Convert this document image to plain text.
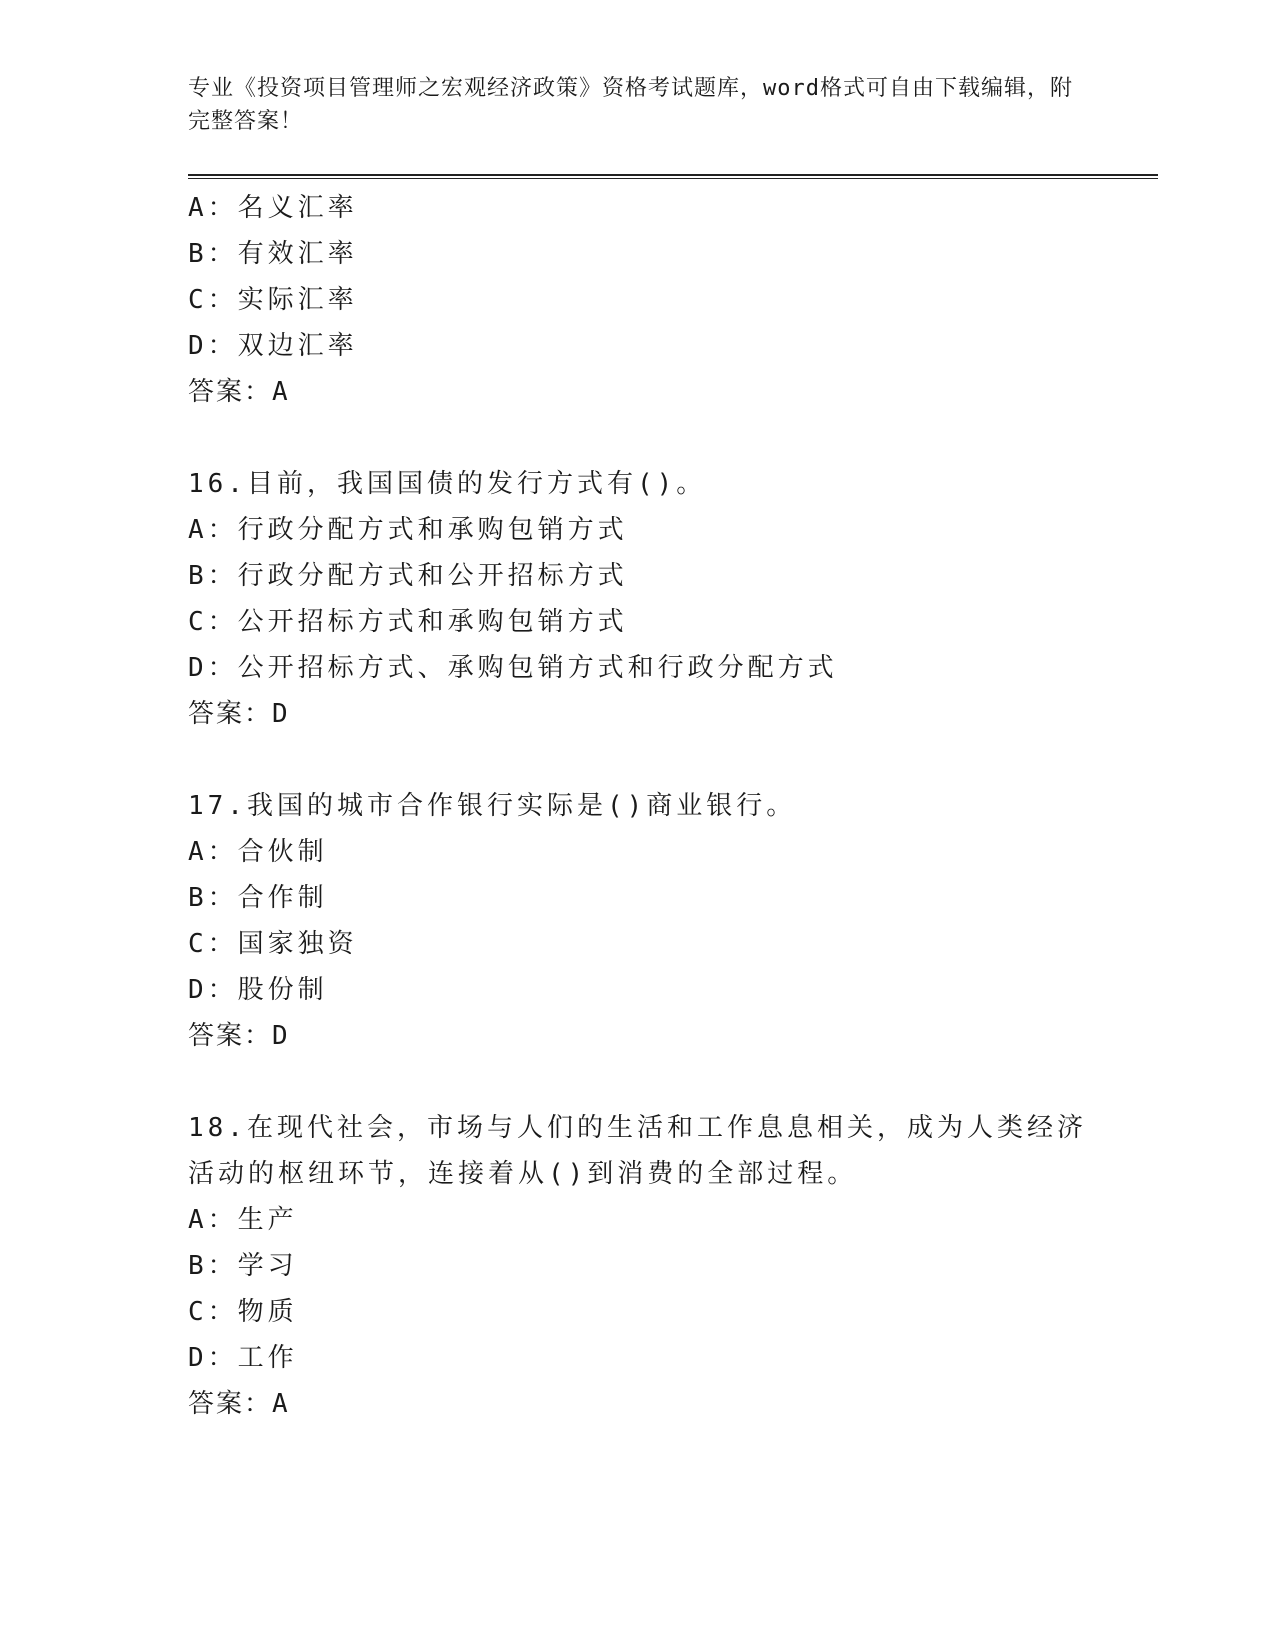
专业《投资项目管理师之宏观经济政策》资格考试题库，word格式可自由下载编辑，附完整答案！

A：名义汇率
B：有效汇率
C：实际汇率
D：双边汇率
答案：A
16.目前，我国国债的发行方式有()。
A：行政分配方式和承购包销方式
B：行政分配方式和公开招标方式
C：公开招标方式和承购包销方式
D：公开招标方式、承购包销方式和行政分配方式
答案：D
17.我国的城市合作银行实际是()商业银行。
A：合伙制
B：合作制
C：国家独资
D：股份制
答案：D
18.在现代社会，市场与人们的生活和工作息息相关，成为人类经济活动的枢纽环节，连接着从()到消费的全部过程。
A：生产
B：学习
C：物质
D：工作
答案：A
